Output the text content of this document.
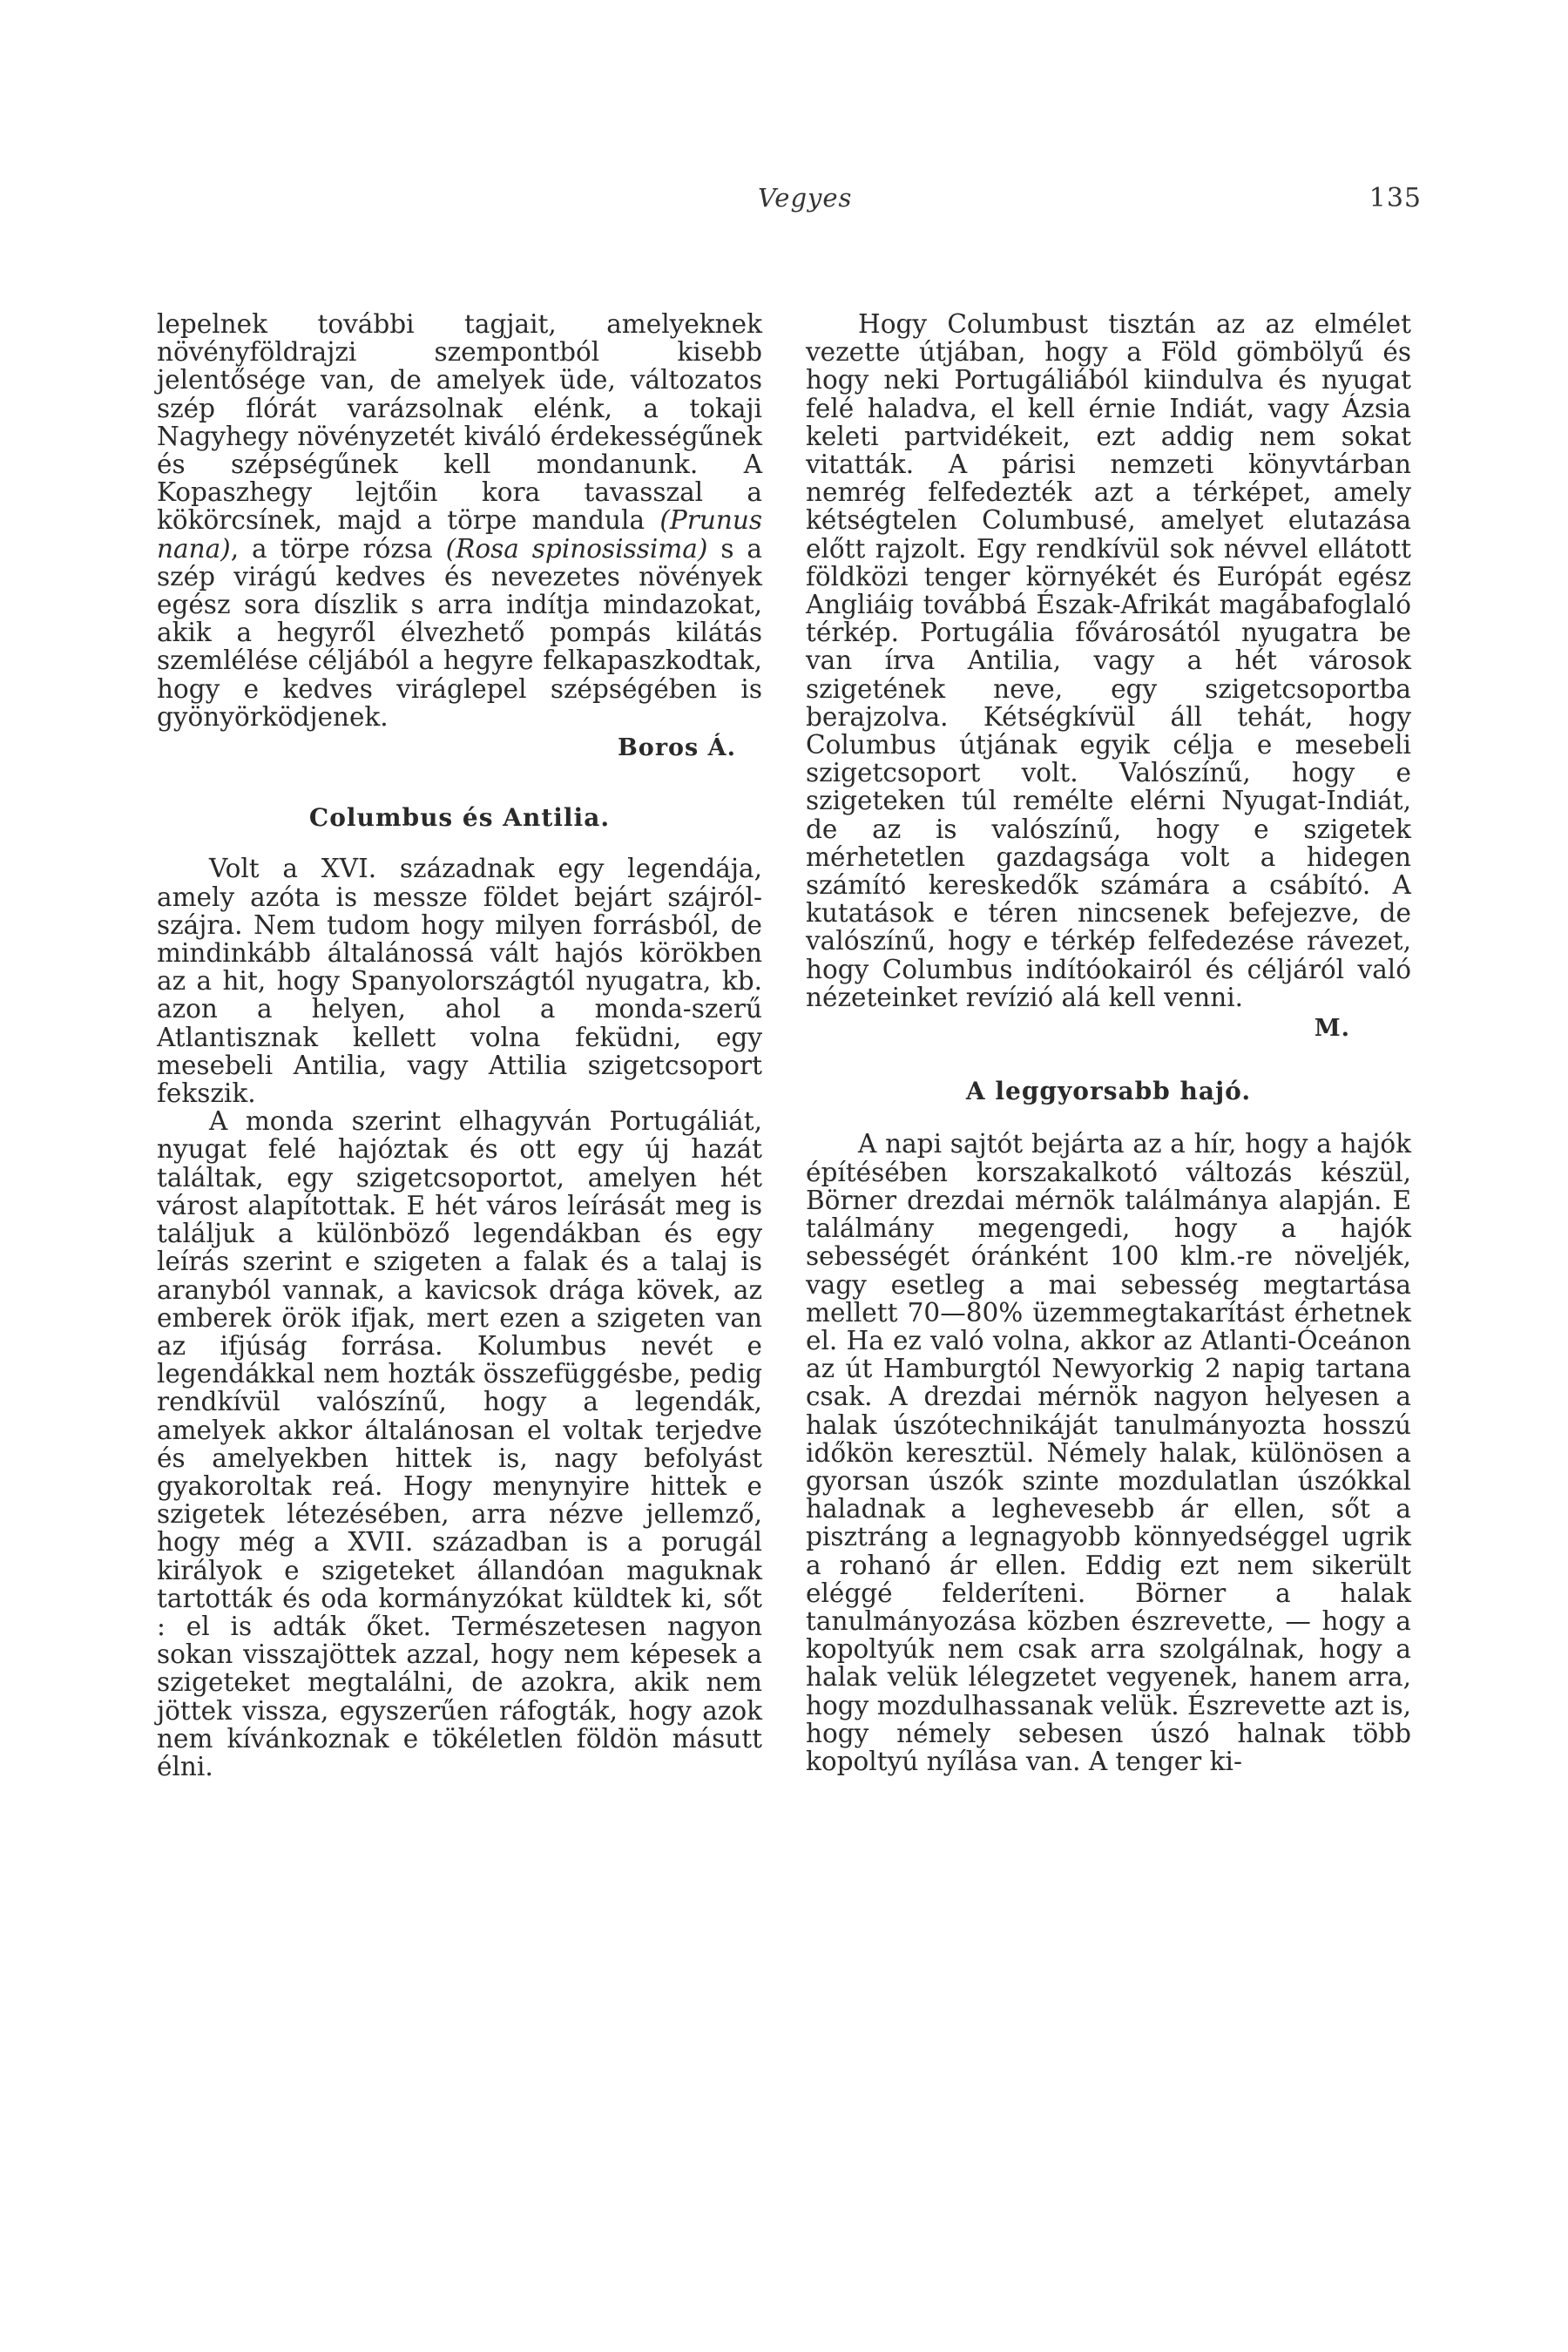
Vegyes	135

lepelnek további tagjait, amelyeknek növényföldrajzi szempontból kisebb jelentősége van, de amelyek üde, változatos szép flórát varázsolnak elénk, a tokaji Nagyhegy növényzetét kiváló érdekességűnek és szépségűnek kell mondanunk. A Kopaszhegy lejtőin kora tavasszal a kökörcsínek, majd a törpe mandula (Prunus nana), a törpe rózsa (Rosa spinosissima) s a szép virágú kedves és nevezetes növények egész sora díszlik s arra indítja mindazokat, akik a hegyről élvezhető pompás kilátás szemlélése céljából a hegyre felkapaszkodtak, hogy e kedves viráglepel szépségében is gyönyörködjenek.

Boros Á.
Columbus és Antilia.

Volt a XVI. századnak egy legendája, amely azóta is messze földet bejárt szájról-szájra. Nem tudom hogy milyen forrásból, de mindinkább általánossá vált hajós körökben az a hit, hogy Spanyolországtól nyugatra, kb. azon a helyen, ahol a monda-szerű Atlantisznak kellett volna feküdni, egy mesebeli Antilia, vagy Attilia szigetcsoport fekszik.

A monda szerint elhagyván Portugáliát, nyugat felé hajóztak és ott egy új hazát találtak, egy szigetcsoportot, amelyen hét várost alapítottak. E hét város leírását meg is találjuk a különböző legendákban és egy leírás szerint e szigeten a falak és a talaj is aranyból vannak, a kavicsok drága kövek, az emberek örök ifjak, mert ezen a szigeten van az ifjúság forrása. Kolumbus nevét e legendákkal nem hozták összefüggésbe, pedig rendkívül valószínű, hogy a legendák, amelyek akkor általánosan el voltak terjedve és amelyekben hittek is, nagy befolyást gyakoroltak reá. Hogy menynyire hittek e szigetek létezésében, arra nézve jellemző, hogy még a XVII. században is a porugál királyok e szigeteket állandóan maguknak tartották és oda kormányzókat küldtek ki, sőt : el is adták őket. Természetesen nagyon sokan visszajöttek azzal, hogy nem képesek a szigeteket megtalálni, de azokra, akik nem jöttek vissza, egyszerűen ráfogták, hogy azok nem kívánkoznak e tökéletlen földön másutt élni.

Hogy Columbust tisztán az az elmélet vezette útjában, hogy a Föld gömbölyű és hogy neki Portugáliából kiindulva és nyugat felé haladva, el kell érnie Indiát, vagy Ázsia keleti partvidékeit, ezt addig nem sokat vitatták. A párisi nemzeti könyvtárban nemrég felfedezték azt a térképet, amely kétségtelen Columbusé, amelyet elutazása előtt rajzolt. Egy rendkívül sok névvel ellátott földközi tenger környékét és Európát egész Angliáig továbbá Észak-Afrikát magábafoglaló térkép. Portugália fővárosától nyugatra be van írva Antilia, vagy a hét városok szigetének neve, egy szigetcsoportba berajzolva. Kétségkívül áll tehát, hogy Columbus útjának egyik célja e mesebeli szigetcsoport volt. Valószínű, hogy e szigeteken túl remélte elérni Nyugat-Indiát, de az is valószínű, hogy e szigetek mérhetetlen gazdagsága volt a hidegen számító kereskedők számára a csábító. A kutatások e téren nincsenek befejezve, de valószínű, hogy e térkép felfedezése rávezet, hogy Columbus indítóokairól és céljáról való nézeteinket revízió alá kell venni.

M.
A leggyorsabb hajó.

A napi sajtót bejárta az a hír, hogy a hajók építésében korszakalkotó változás készül, Börner drezdai mérnök találmánya alapján. E találmány megengedi, hogy a hajók sebességét óránként 100 klm.-re növeljék, vagy esetleg a mai sebesség megtartása mellett 70—80% üzemmegtakarítást érhetnek el. Ha ez való volna, akkor az Atlanti-Óceánon az út Hamburgtól Newyorkig 2 napig tartana csak. A drezdai mérnök nagyon helyesen a halak úszótechnikáját tanulmányozta hosszú időkön keresztül. Némely halak, különösen a gyorsan úszók szinte mozdulatlan úszókkal haladnak a leghevesebb ár ellen, sőt a pisztráng a legnagyobb könnyedséggel ugrik a rohanó ár ellen. Eddig ezt nem sikerült eléggé felderíteni. Börner a halak tanulmányozása közben észrevette, — hogy a kopoltyúk nem csak arra szolgálnak, hogy a halak velük lélegzetet vegyenek, hanem arra, hogy mozdulhassanak velük. Észrevette azt is, hogy némely sebesen úszó halnak több kopoltyú nyílása van. A tenger ki-
